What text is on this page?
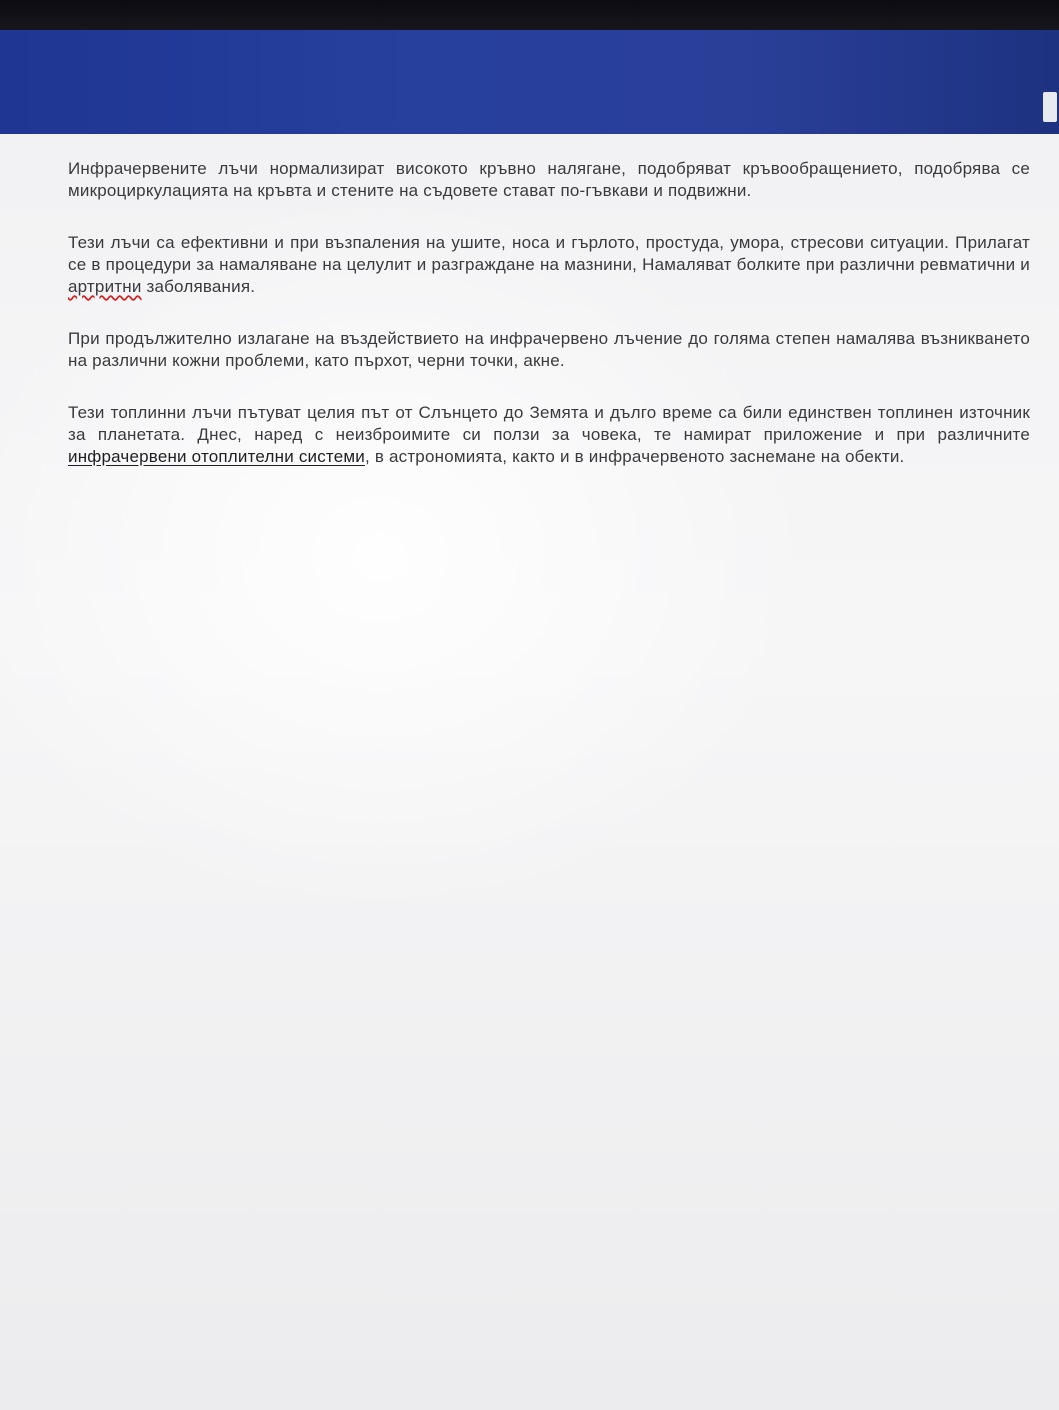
Инфрачервените лъчи нормализират високото кръвно налягане, подобряват кръвообращението, подобрява се микроциркулацията на кръвта и стените на съдовете стават по-гъвкави и подвижни.

Тези лъчи са ефективни и при възпаления на ушите, носа и гърлото, простуда, умора, стресови ситуации. Прилагат се в процедури за намаляване на целулит и разграждане на мазнини, Намаляват болките при различни ревматични и артритни заболявания.

При продължително излагане на въздействието на инфрачервено лъчение до голяма степен намалява възникването на различни кожни проблеми, като пърхот, черни точки, акне.

Тези топлинни лъчи пътуват целия път от Слънцето до Земята и дълго време са били единствен топлинен източник за планетата. Днес, наред с неизброимите си ползи за човека, те намират приложение и при различните инфрачервени отоплителни системи, в астрономията, както и в инфрачервеното заснемане на обекти.
